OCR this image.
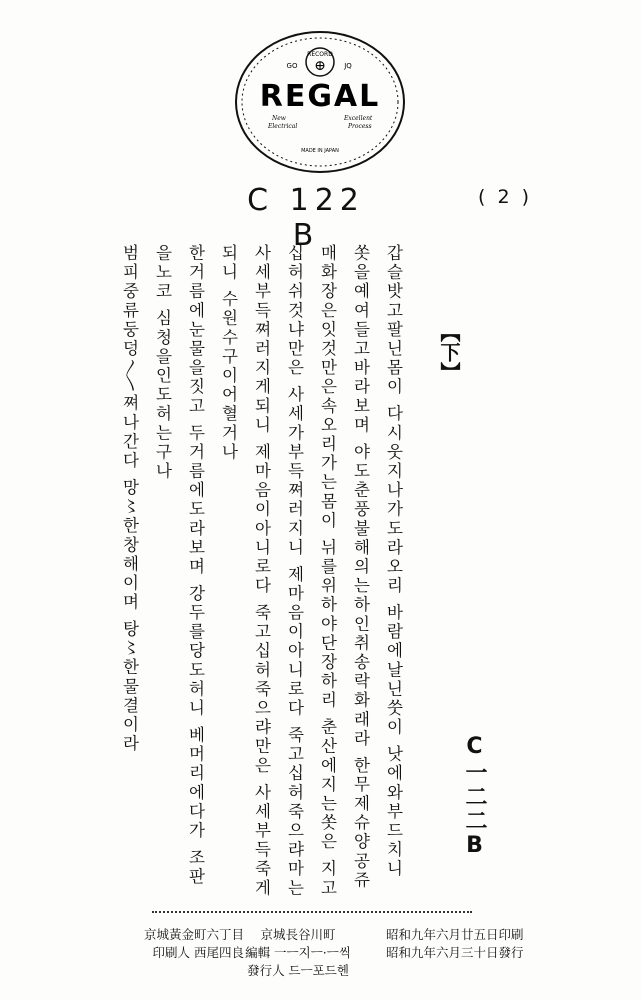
RECORD
⊕
GO	JQ
REGAL
New
Electrical
Excellent
Process
MADE IN JAPAN
C 122 B
( 2 )
【下】
갑슬밧고팔닌몸이 다시웃지나가도라오리 바람에날닌쑷이 낫에와부드치니
쏫을예여들고바라보며 야도춘풍불해의는하인취송락화래라 한무제슈양공쥬
매화장은잇것만은속오리가는몸이 뉘를위하야단장하리 춘산에지는쏫은 지고
십허쉬것냐만은 사세가부득쪄러지니 제마음이아니로다 죽고십허죽으랴마는
사세부득쪄러지게되니 제마음이아니로다 죽고십허죽으랴만은 사세부득죽게
되니 수원수구이어혈거나
한거름에눈물을짓고 두거름에도라보며 강두를당도허니 베머리에다가 조판
을노코 심청을인도허는구나
범피중류둥덩〳〵쪄나간다 망〻한창해이며 탕〻한물결이라
C一二二B
昭和九年六月廿五日印刷
昭和九年六月三十日發行
京城長谷川町
編輯 一ㅡ지ㅡ·ㅡ씩
發行人 드ㅡ포드헨
京城黃金町六丁目
印刷人 西尾四良
